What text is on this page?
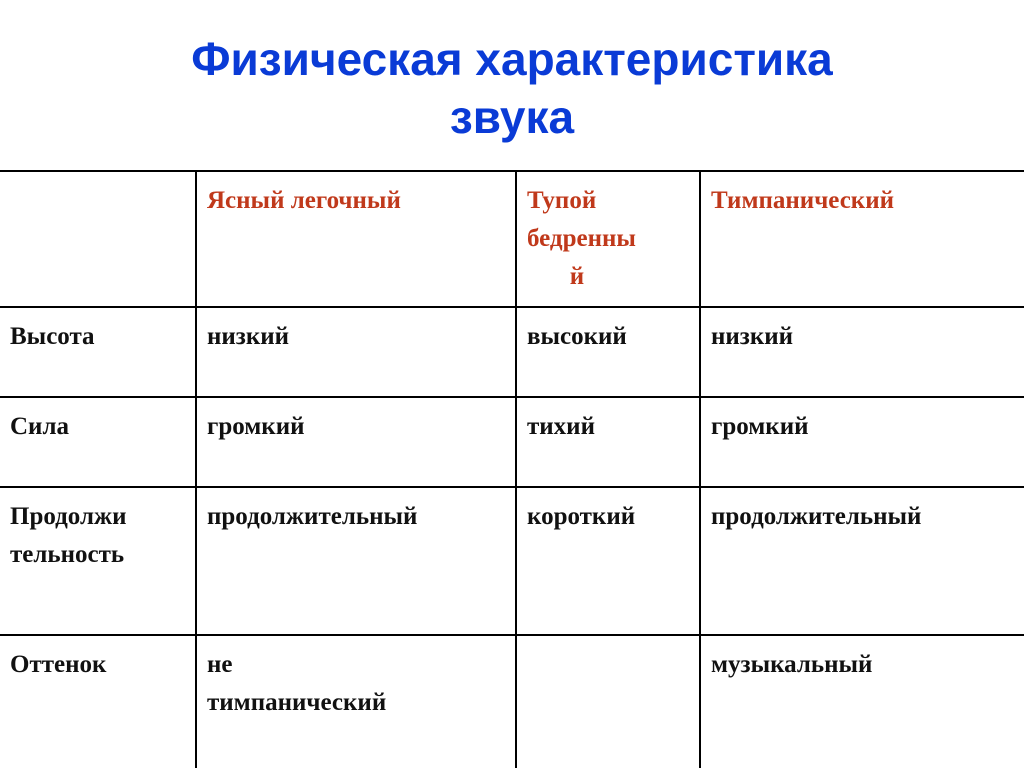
Физическая характеристика
звука
	Ясный легочный	Тупой
бедренны
й	Тимпанический
Высота	низкий	высокий	низкий
Сила	громкий	тихий	громкий

Продолжи
тельность	продолжительный	короткий	продолжительный
Оттенок	не
тимпанический		музыкальный
